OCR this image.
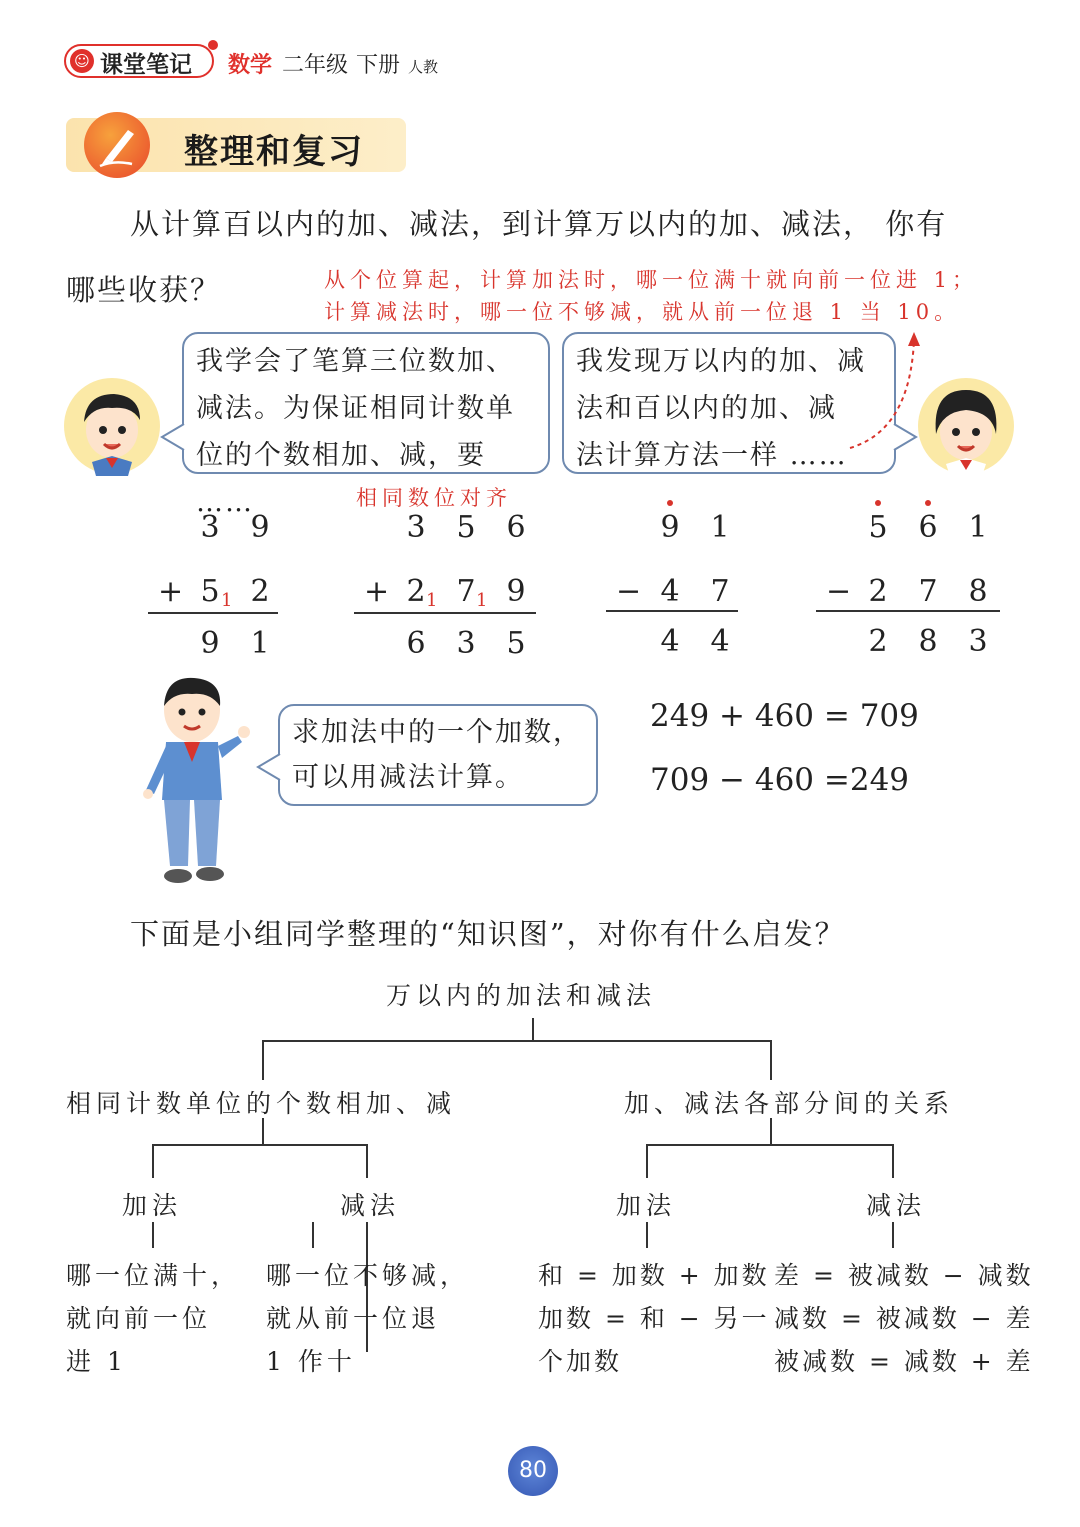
☺ 课堂笔记 数学 二年级 下册 人教
整理和复习
从计算百以内的加、减法，到计算万以内的加、减法， 你有
哪些收获？	从个位算起，计算加法时，哪一位满十就向前一位进 1；
计算减法时，哪一位不够减，就从前一位退 1 当 10。
我学会了笔算三位数加、
减法。为保证相同计数单
位的个数相加、减，要 ……
我发现万以内的加、减
法和百以内的加、减
法计算方法一样 ……
相同数位对齐
3 9
+ 5 1 2
9 1
3 5 6
+ 2 1 7 1 9
6 3 5
9 1
− 4 7
4 4
5 6 1
− 2 7 8
2 8 3
求加法中的一个加数，
可以用减法计算。
249 + 460 = 709
709 − 460 =249
下面是小组同学整理的“知识图”，对你有什么启发？
万以内的加法和减法
相同计数单位的个数相加、减	加、减法各部分间的关系
加法	减法	加法	减法
哪一位满十，
就向前一位
进 1
哪一位不够减，
就从前一位退
1 作十
和 = 加数 + 加数
加数 = 和 − 另一
个加数
差 = 被减数 − 减数
减数 = 被减数 − 差
被减数 = 减数 + 差
80
